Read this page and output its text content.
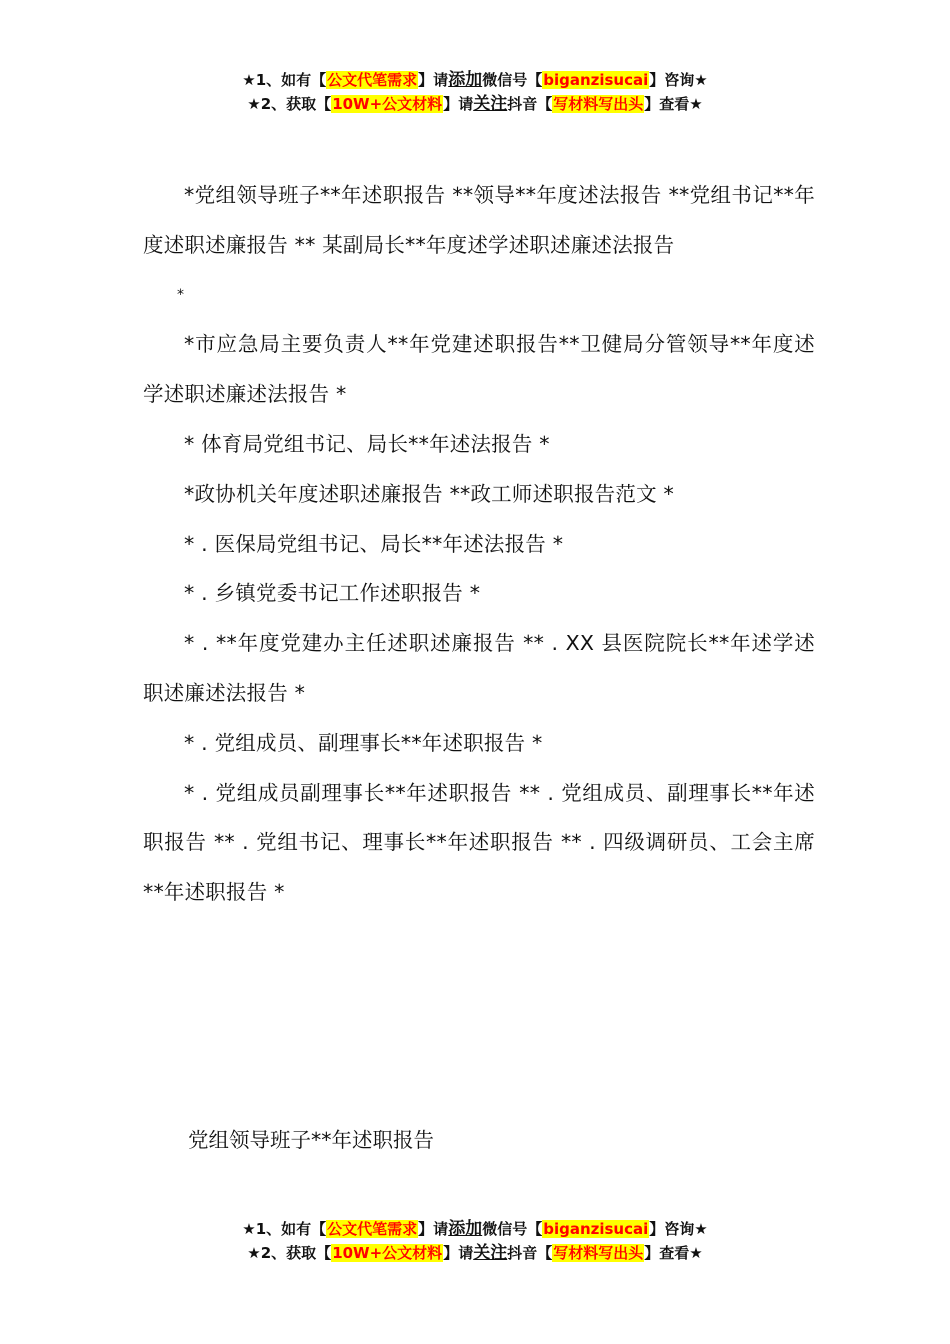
★1、如有【公文代笔需求】请添加微信号【biganzisucai】咨询★
★2、获取【10W+公文材料】请关注抖音【写材料写出头】查看★

*党组领导班子**年述职报告 **领导**年度述法报告 **党组书记**年度述职述廉报告 ** 某副局长**年度述学述职述廉述法报告

*

*市应急局主要负责人**年党建述职报告**卫健局分管领导**年度述学述职述廉述法报告 *

* 体育局党组书记、局长**年述法报告 *

*政协机关年度述职述廉报告 **政工师述职报告范文 *

* . 医保局党组书记、局长**年述法报告 *

* . 乡镇党委书记工作述职报告 *

* . **年度党建办主任述职述廉报告 ** . XX 县医院院长**年述学述职述廉述法报告 *

* . 党组成员、副理事长**年述职报告 *

* . 党组成员副理事长**年述职报告 ** . 党组成员、副理事长**年述职报告 ** . 党组书记、理事长**年述职报告 ** . 四级调研员、工会主席**年述职报告 *

党组领导班子**年述职报告
★1、如有【公文代笔需求】请添加微信号【biganzisucai】咨询★
★2、获取【10W+公文材料】请关注抖音【写材料写出头】查看★
